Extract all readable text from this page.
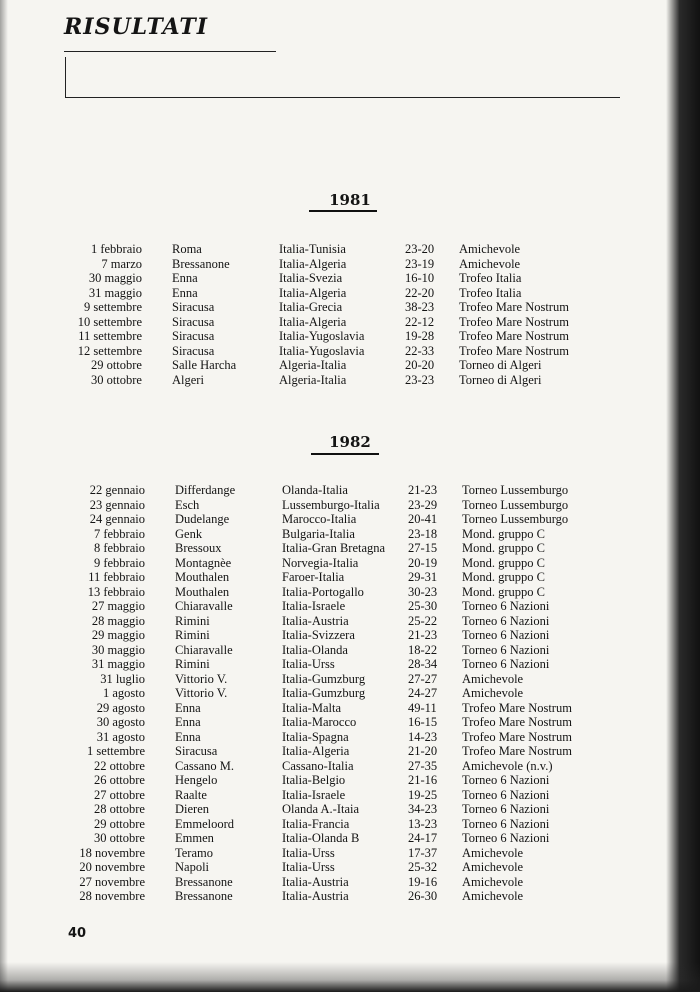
RISULTATI
1981
1 febbraio Roma	Italia-Tunisia	23-20 Amichevole
7 marzo Bressanone	Italia-Algeria	23-19 Amichevole
30 maggio Enna	Italia-Svezia	16-10 Trofeo Italia
31 maggio Enna	Italia-Algeria	22-20 Trofeo Italia
9 settembre Siracusa	Italia-Grecia	38-23 Trofeo Mare Nostrum
10 settembre Siracusa	Italia-Algeria	22-12 Trofeo Mare Nostrum
11 settembre Siracusa	Italia-Yugoslavia	19-28 Trofeo Mare Nostrum
12 settembre Siracusa	Italia-Yugoslavia	22-33 Trofeo Mare Nostrum
29 ottobre Salle Harcha	Algeria-Italia	20-20 Torneo di Algeri
30 ottobre Algeri	Algeria-Italia	23-23 Torneo di Algeri
1982
22 gennaio Differdange	Olanda-Italia	21-23 Torneo Lussemburgo
23 gennaio Esch	Lussemburgo-Italia 23-29 Torneo Lussemburgo
24 gennaio Dudelange	Marocco-Italia	20-41 Torneo Lussemburgo
7 febbraio Genk	Bulgaria-Italia	23-18 Mond. gruppo C
8 febbraio Bressoux	Italia-Gran Bretagna 27-15 Mond. gruppo C
9 febbraio Montagnèe	Norvegia-Italia	20-19 Mond. gruppo C
11 febbraio Mouthalen	Faroer-Italia	29-31 Mond. gruppo C
13 febbraio Mouthalen	Italia-Portogallo	30-23 Mond. gruppo C
27 maggio Chiaravalle	Italia-Israele	25-30 Torneo 6 Nazioni
28 maggio Rimini	Italia-Austria	25-22 Torneo 6 Nazioni
29 maggio Rimini	Italia-Svizzera	21-23 Torneo 6 Nazioni
30 maggio Chiaravalle	Italia-Olanda	18-22 Torneo 6 Nazioni
31 maggio Rimini	Italia-Urss	28-34 Torneo 6 Nazioni
31 luglio Vittorio V.	Italia-Gumzburg	27-27 Amichevole
1 agosto Vittorio V.	Italia-Gumzburg	24-27 Amichevole
29 agosto Enna	Italia-Malta	49-11 Trofeo Mare Nostrum
30 agosto Enna	Italia-Marocco	16-15 Trofeo Mare Nostrum
31 agosto Enna	Italia-Spagna	14-23 Trofeo Mare Nostrum
1 settembre Siracusa	Italia-Algeria	21-20 Trofeo Mare Nostrum
22 ottobre Cassano M.	Cassano-Italia	27-35 Amichevole (n.v.)
26 ottobre Hengelo	Italia-Belgio	21-16 Torneo 6 Nazioni
27 ottobre Raalte	Italia-Israele	19-25 Torneo 6 Nazioni
28 ottobre Dieren	Olanda A.-Itaia	34-23 Torneo 6 Nazioni
29 ottobre Emmeloord	Italia-Francia	13-23 Torneo 6 Nazioni
30 ottobre Emmen	Italia-Olanda B	24-17 Torneo 6 Nazioni
18 novembre Teramo	Italia-Urss	17-37 Amichevole
20 novembre Napoli	Italia-Urss	25-32 Amichevole
27 novembre Bressanone	Italia-Austria	19-16 Amichevole
28 novembre Bressanone	Italia-Austria	26-30 Amichevole
40
